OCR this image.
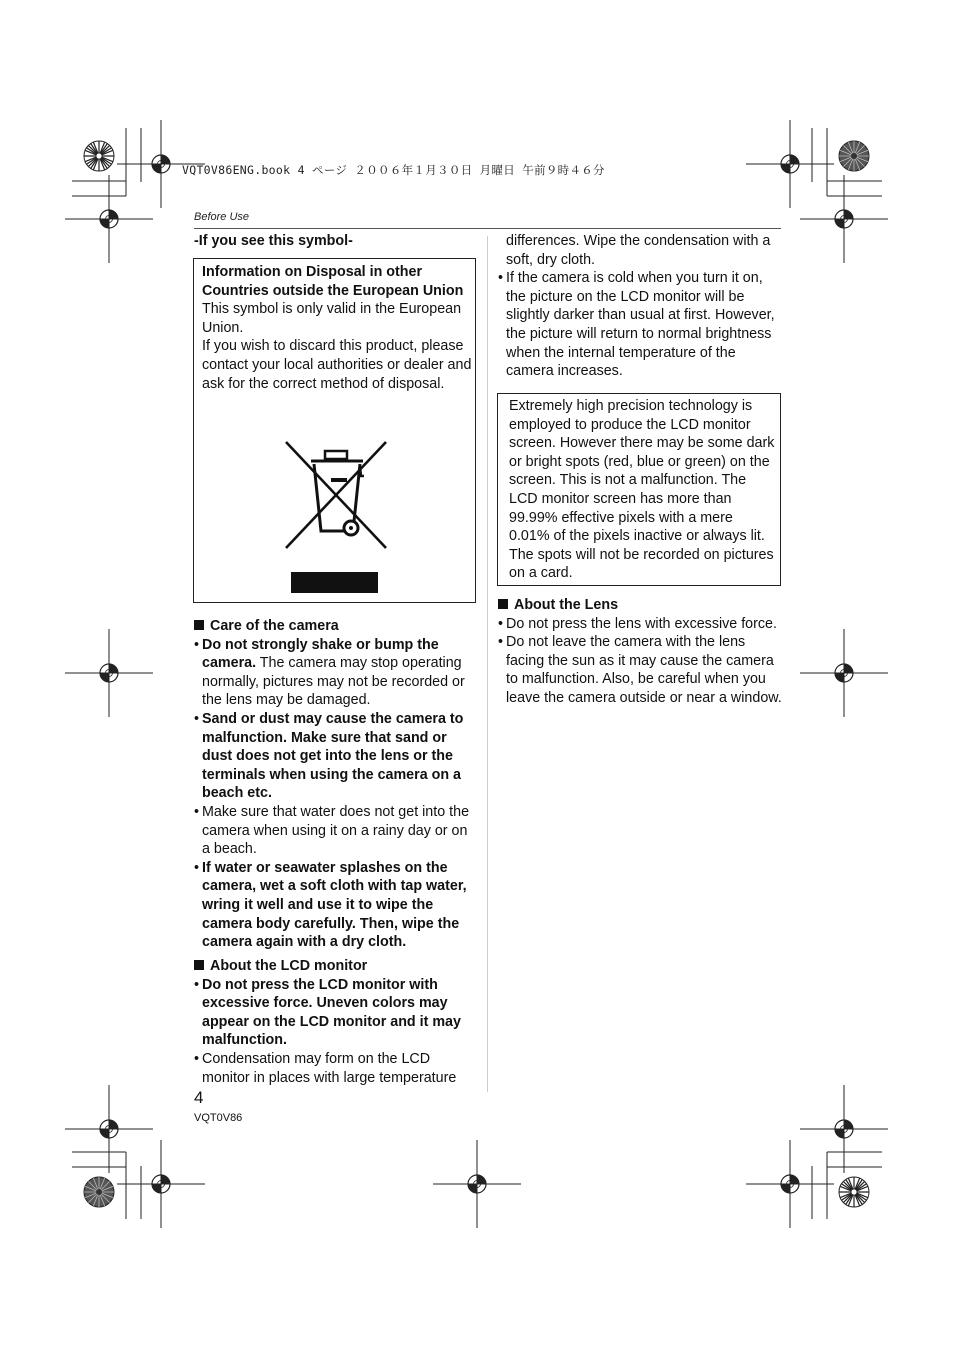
VQT0V86ENG.book 4 ページ ２００６年１月３０日 月曜日 午前９時４６分
Before Use

-If you see this symbol-

Information on Disposal in other Countries outside the European Union

This symbol is only valid in the European Union.

If you wish to discard this product, please contact your local authorities or dealer and ask for the correct method of disposal.

Care of the camera

• Do not strongly shake or bump the camera. The camera may stop operating normally, pictures may not be recorded or the lens may be damaged.

• Sand or dust may cause the camera to malfunction. Make sure that sand or dust does not get into the lens or the terminals when using the camera on a beach etc.

• Make sure that water does not get into the camera when using it on a rainy day or on a beach.

• If water or seawater splashes on the camera, wet a soft cloth with tap water, wring it well and use it to wipe the camera body carefully. Then, wipe the camera again with a dry cloth.

About the LCD monitor

• Do not press the LCD monitor with excessive force. Uneven colors may appear on the LCD monitor and it may malfunction.

• Condensation may form on the LCD monitor in places with large temperature

differences. Wipe the condensation with a soft, dry cloth.

• If the camera is cold when you turn it on, the picture on the LCD monitor will be slightly darker than usual at first. However, the picture will return to normal brightness when the internal temperature of the camera increases.

Extremely high precision technology is employed to produce the LCD monitor screen. However there may be some dark or bright spots (red, blue or green) on the screen. This is not a malfunction. The LCD monitor screen has more than 99.99% effective pixels with a mere 0.01% of the pixels inactive or always lit. The spots will not be recorded on pictures on a card.

About the Lens

• Do not press the lens with excessive force.

• Do not leave the camera with the lens facing the sun as it may cause the camera to malfunction. Also, be careful when you leave the camera outside or near a window.

4
VQT0V86
